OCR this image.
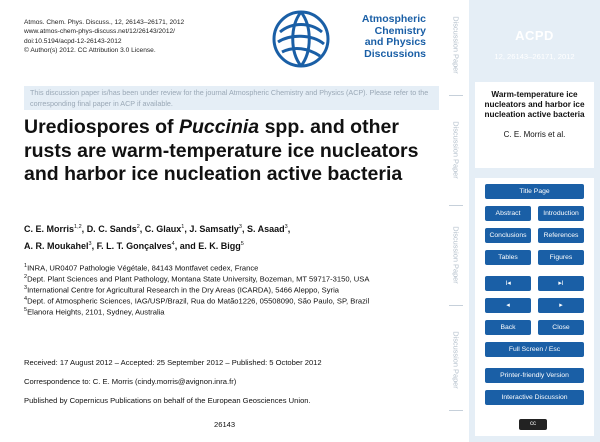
Atmos. Chem. Phys. Discuss., 12, 26143–26171, 2012
www.atmos-chem-phys-discuss.net/12/26143/2012/
doi:10.5194/acpd-12-26143-2012
© Author(s) 2012. CC Attribution 3.0 License.
Atmospheric
Chemistry
and Physics
Discussions
This discussion paper is/has been under review for the journal Atmospheric Chemistry and Physics (ACP). Please refer to the corresponding final paper in ACP if available.
Urediospores of Puccinia spp. and other rusts are warm-temperature ice nucleators and harbor ice nucleation active bacteria
C. E. Morris$^{1,2}$, D. C. Sands$^2$, C. Glaux$^1$, J. Samsatly$^3$, S. Asaad$^3$,
A. R. Moukahel$^3$, F. L. T. Gonçalves$^4$, and E. K. Bigg$^5$
$^1$INRA, UR0407 Pathologie Végétale, 84143 Montfavet cedex, France
$^2$Dept. Plant Sciences and Plant Pathology, Montana State University, Bozeman, MT 59717-3150, USA
$^3$International Centre for Agricultural Research in the Dry Areas (ICARDA), 5466 Aleppo, Syria
$^4$Dept. of Atmospheric Sciences, IAG/USP/Brazil, Rua do Matão1226, 05508090, São Paulo, SP, Brazil
$^5$Elanora Heights, 2101, Sydney, Australia
Received: 17 August 2012 – Accepted: 25 September 2012 – Published: 5 October 2012
Correspondence to: C. E. Morris (cindy.morris@avignon.inra.fr)
Published by Copernicus Publications on behalf of the European Geosciences Union.
26143
Discussion Paper
Discussion Paper
Discussion Paper
Discussion Paper
ACPD
12, 26143–26171, 2012
Warm-temperature ice nucleators and harbor ice nucleation active bacteria
C. E. Morris et al.
Title Page
Abstract	Introduction
Conclusions	References
Tables	Figures
I◂	▸I
◂	▸
Back	Close
Full Screen / Esc
Printer-friendly Version
Interactive Discussion
cc
